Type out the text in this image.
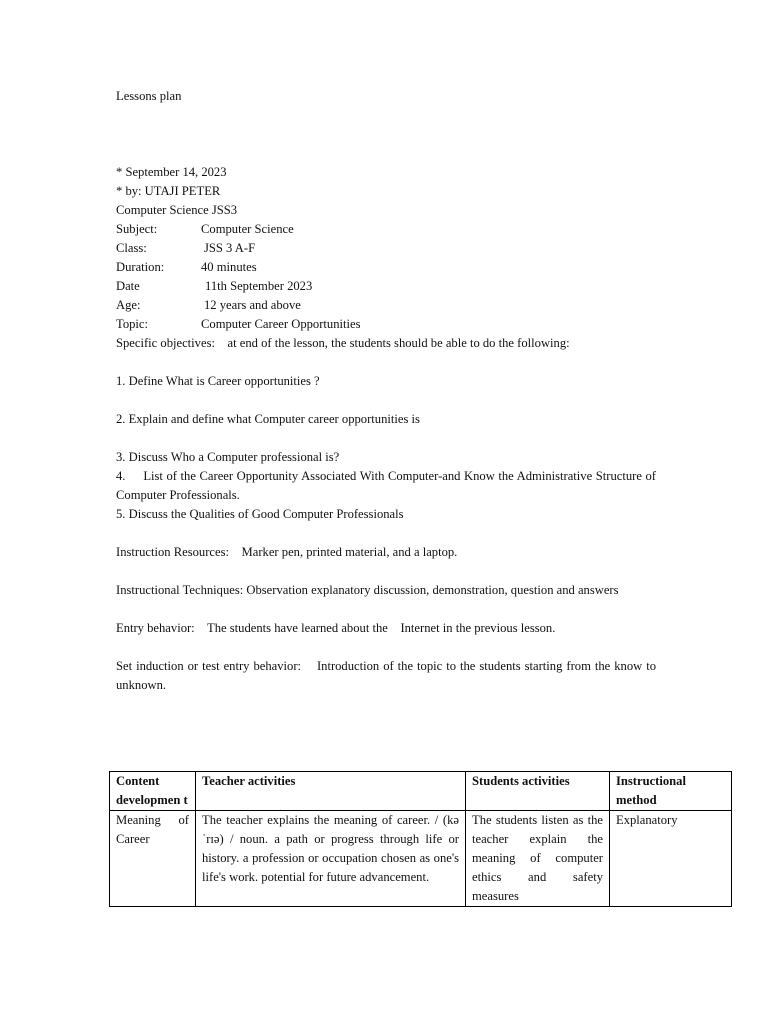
Lessons plan
* September 14, 2023
* by: UTAJI PETER
Computer Science JSS3
Subject:	Computer Science
Class:	JSS 3 A-F
Duration:	40 minutes
Date	11th September 2023
Age:	12 years and above
Topic:	Computer Career Opportunities
Specific objectives:    at end of the lesson, the students should be able to do the following:
1. Define What is Career opportunities ?
2. Explain and define what Computer career opportunities is
3. Discuss Who a Computer professional is?
4.     List of the Career Opportunity Associated With Computer-and Know the Administrative Structure of Computer Professionals.
5. Discuss the Qualities of Good Computer Professionals
Instruction Resources:    Marker pen, printed material, and a laptop.
Instructional Techniques: Observation explanatory discussion, demonstration, question and answers
Entry behavior:    The students have learned about the    Internet in the previous lesson.
Set induction or test entry behavior:    Introduction of the topic to the students starting from the know to unknown.
Content developmen t	Teacher activities	Students activities	Instructional method
Meaning of Career	The teacher explains the meaning of career. / (kəˈrɪə) / noun. a path or progress through life or history. a profession or occupation chosen as one's life's work. potential for future advancement.	The students listen as the teacher explain the meaning of computer ethics and safety measures	Explanatory
